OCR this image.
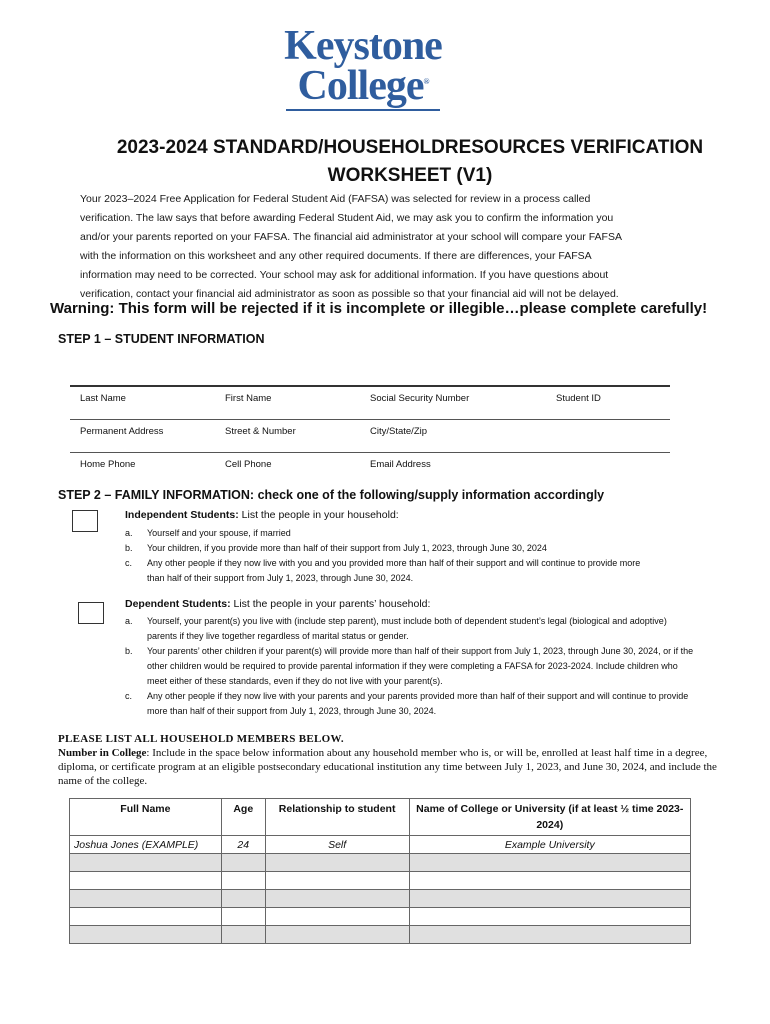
Keystone
College®
2023-2024 STANDARD/HOUSEHOLDRESOURCES VERIFICATION
WORKSHEET (V1)
Your 2023–2024 Free Application for Federal Student Aid (FAFSA) was selected for review in a process called
verification. The law says that before awarding Federal Student Aid, we may ask you to confirm the information you
and/or your parents reported on your FAFSA. The financial aid administrator at your school will compare your FAFSA
with the information on this worksheet and any other required documents. If there are differences, your FAFSA
information may need to be corrected. Your school may ask for additional information. If you have questions about
verification, contact your financial aid administrator as soon as possible so that your financial aid will not be delayed.
Warning: This form will be rejected if it is incomplete or illegible…please complete carefully!
STEP 1 – STUDENT INFORMATION
Last Name	First Name	Social Security Number	Student ID
Permanent Address	Street & Number	City/State/Zip
Home Phone	Cell Phone	Email Address
STEP 2 – FAMILY INFORMATION: check one of the following/supply information accordingly
Independent Students: List the people in your household:
a. Yourself and your spouse, if married
b. Your children, if you provide more than half of their support from July 1, 2023, through June 30, 2024
c. Any other people if they now live with you and you provided more than half of their support and will continue to provide more than half of their support from July 1, 2023, through June 30, 2024.
Dependent Students: List the people in your parents’ household:
a. Yourself, your parent(s) you live with (include step parent), must include both of dependent student’s legal (biological and adoptive) parents if they live together regardless of marital status or gender.
b. Your parents’ other children if your parent(s) will provide more than half of their support from July 1, 2023, through June 30, 2024, or if the other children would be required to provide parental information if they were completing a FAFSA for 2023-2024. Include children who meet either of these standards, even if they do not live with your parent(s).
c. Any other people if they now live with your parents and your parents provided more than half of their support and will continue to provide more than half of their support from July 1, 2023, through June 30, 2024.
PLEASE LIST ALL HOUSEHOLD MEMBERS BELOW.
Number in College: Include in the space below information about any household member who is, or will be, enrolled at least half time in a degree, diploma, or certificate program at an eligible postsecondary educational institution any time between July 1, 2023, and June 30, 2024, and include the name of the college.
Full Name	Age	Relationship to student	Name of College or University (if at least ½ time 2023-2024)
Joshua Jones (EXAMPLE)	24	Self	Example University
